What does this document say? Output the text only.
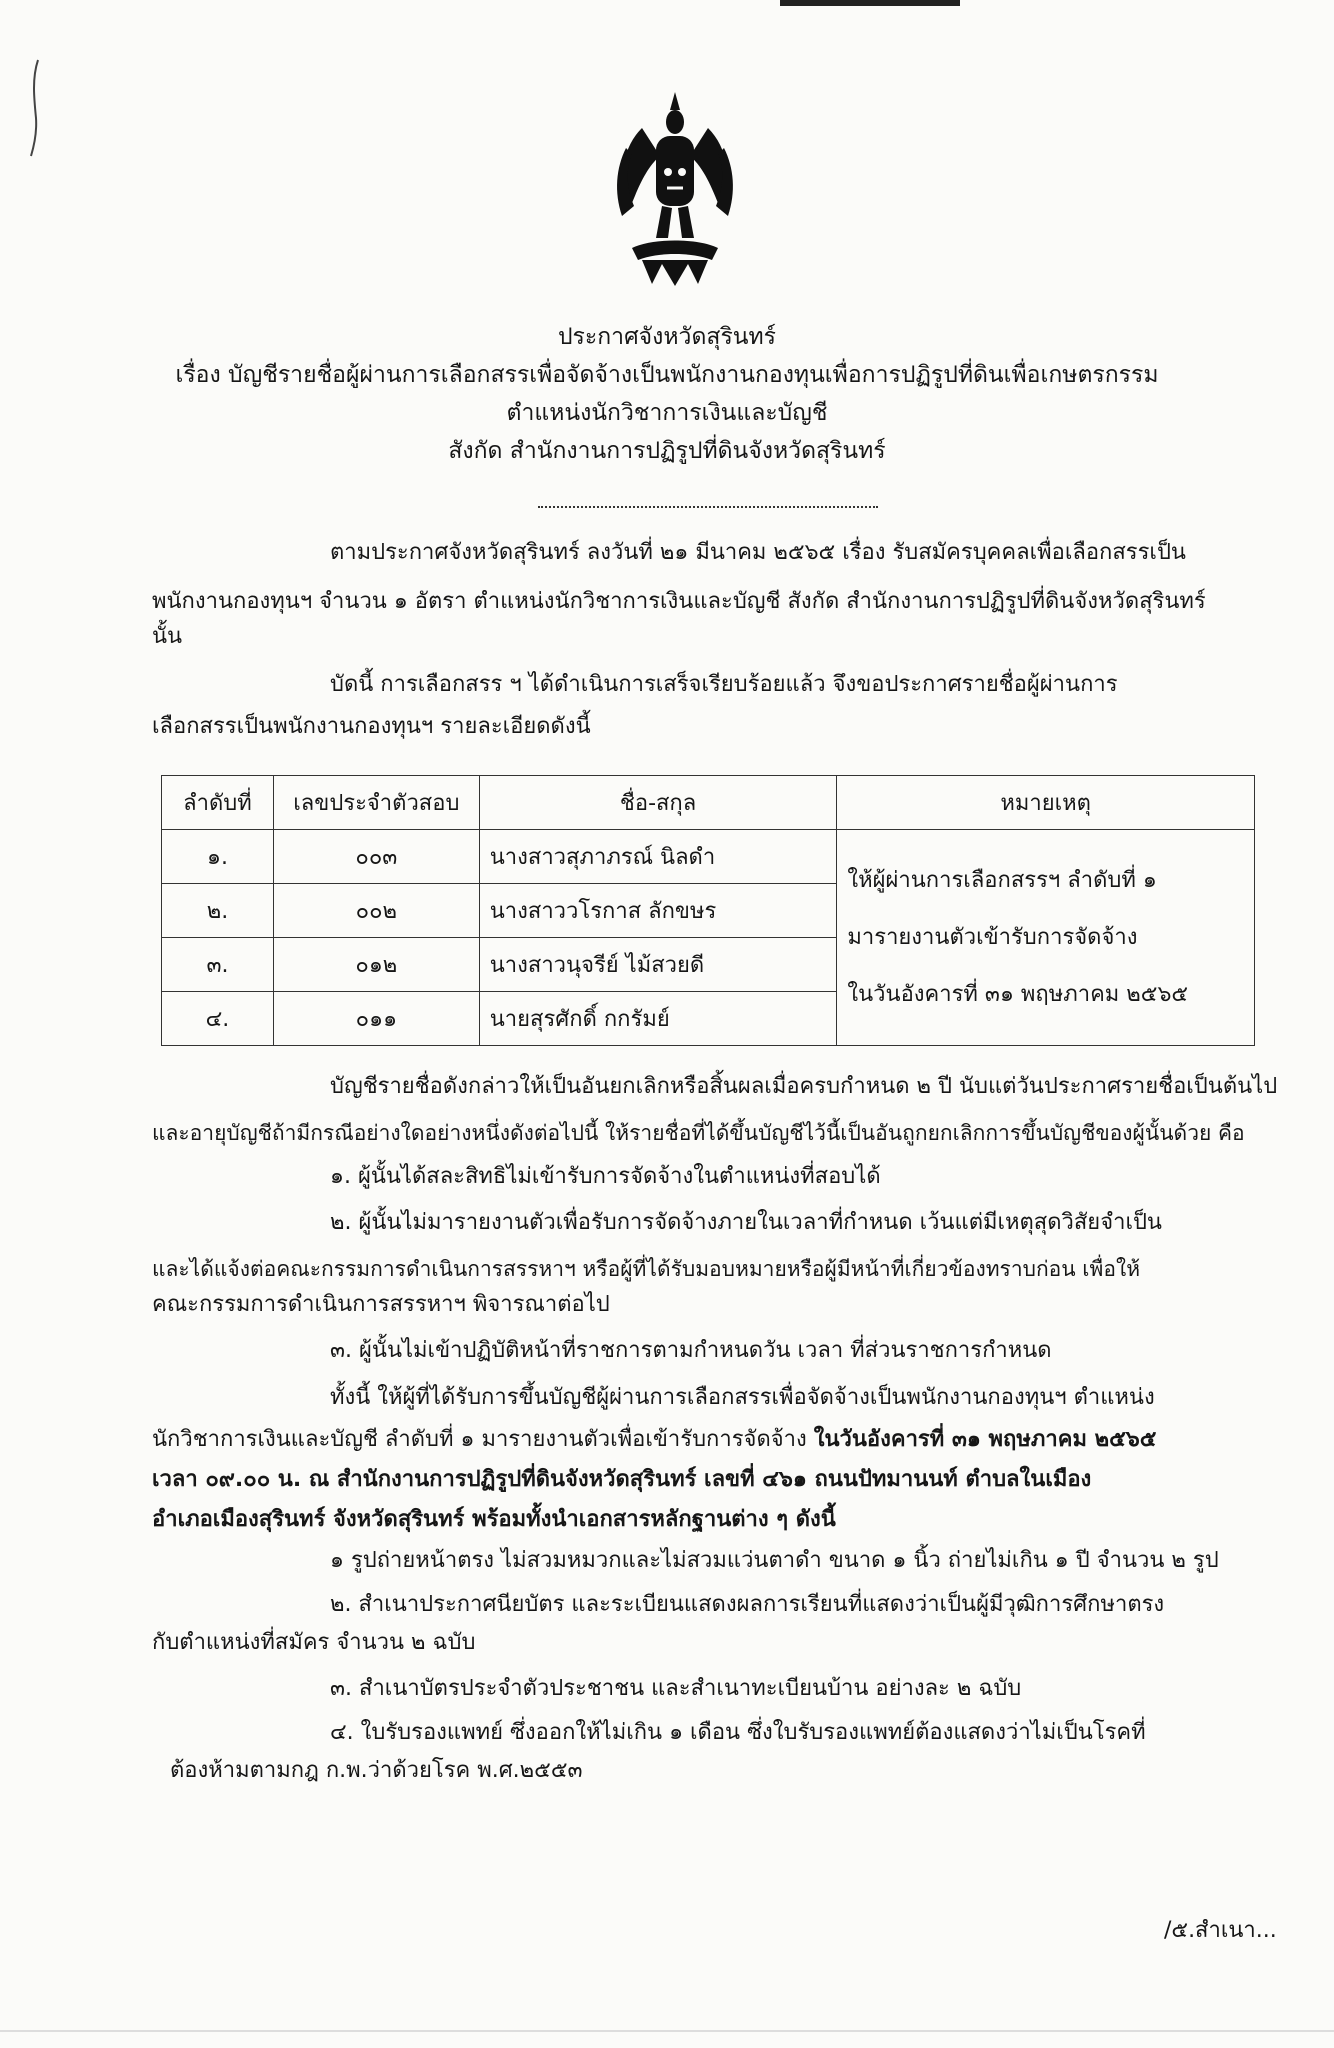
ประกาศจังหวัดสุรินทร์
เรื่อง บัญชีรายชื่อผู้ผ่านการเลือกสรรเพื่อจัดจ้างเป็นพนักงานกองทุนเพื่อการปฏิรูปที่ดินเพื่อเกษตรกรรม
ตำแหน่งนักวิชาการเงินและบัญชี
สังกัด สำนักงานการปฏิรูปที่ดินจังหวัดสุรินทร์
ตามประกาศจังหวัดสุรินทร์ ลงวันที่ ๒๑ มีนาคม ๒๕๖๕ เรื่อง รับสมัครบุคคลเพื่อเลือกสรรเป็น
พนักงานกองทุนฯ จำนวน ๑ อัตรา ตำแหน่งนักวิชาการเงินและบัญชี สังกัด สำนักงานการปฏิรูปที่ดินจังหวัดสุรินทร์
นั้น
บัดนี้ การเลือกสรร ฯ ได้ดำเนินการเสร็จเรียบร้อยแล้ว จึงขอประกาศรายชื่อผู้ผ่านการ
เลือกสรรเป็นพนักงานกองทุนฯ รายละเอียดดังนี้
ลำดับที่	เลขประจำตัวสอบ	ชื่อ-สกุล	หมายเหตุ
๑.	๐๐๓	นางสาวสุภาภรณ์ นิลดำ	ให้ผู้ผ่านการเลือกสรรฯ ลำดับที่ ๑
มารายงานตัวเข้ารับการจัดจ้าง
ในวันอังคารที่ ๓๑ พฤษภาคม ๒๕๖๕

๒.	๐๐๒	นางสาววโรกาส ลักขษร	
๓.	๐๑๒	นางสาวนุจรีย์ ไม้สวยดี	
๔.	๐๑๑	นายสุรศักดิ์ กกรัมย์	
บัญชีรายชื่อดังกล่าวให้เป็นอันยกเลิกหรือสิ้นผลเมื่อครบกำหนด ๒ ปี นับแต่วันประกาศรายชื่อเป็นต้นไป
และอายุบัญชีถ้ามีกรณีอย่างใดอย่างหนึ่งดังต่อไปนี้ ให้รายชื่อที่ได้ขึ้นบัญชีไว้นี้เป็นอันถูกยกเลิกการขึ้นบัญชีของผู้นั้นด้วย คือ
๑. ผู้นั้นได้สละสิทธิไม่เข้ารับการจัดจ้างในตำแหน่งที่สอบได้
๒. ผู้นั้นไม่มารายงานตัวเพื่อรับการจัดจ้างภายในเวลาที่กำหนด เว้นแต่มีเหตุสุดวิสัยจำเป็น
และได้แจ้งต่อคณะกรรมการดำเนินการสรรหาฯ หรือผู้ที่ได้รับมอบหมายหรือผู้มีหน้าที่เกี่ยวข้องทราบก่อน เพื่อให้
คณะกรรมการดำเนินการสรรหาฯ พิจารณาต่อไป
๓. ผู้นั้นไม่เข้าปฏิบัติหน้าที่ราชการตามกำหนดวัน เวลา ที่ส่วนราชการกำหนด
ทั้งนี้ ให้ผู้ที่ได้รับการขึ้นบัญชีผู้ผ่านการเลือกสรรเพื่อจัดจ้างเป็นพนักงานกองทุนฯ ตำแหน่ง
นักวิชาการเงินและบัญชี ลำดับที่ ๑ มารายงานตัวเพื่อเข้ารับการจัดจ้าง ในวันอังคารที่ ๓๑ พฤษภาคม ๒๕๖๕
เวลา ๐๙.๐๐ น. ณ สำนักงานการปฏิรูปที่ดินจังหวัดสุรินทร์ เลขที่ ๔๖๑ ถนนปัทมานนท์ ตำบลในเมือง
อำเภอเมืองสุรินทร์ จังหวัดสุรินทร์ พร้อมทั้งนำเอกสารหลักฐานต่าง ๆ ดังนี้
๑ รูปถ่ายหน้าตรง ไม่สวมหมวกและไม่สวมแว่นตาดำ ขนาด ๑ นิ้ว ถ่ายไม่เกิน ๑ ปี จำนวน ๒ รูป
๒. สำเนาประกาศนียบัตร และระเบียนแสดงผลการเรียนที่แสดงว่าเป็นผู้มีวุฒิการศึกษาตรง
กับตำแหน่งที่สมัคร จำนวน ๒ ฉบับ
๓. สำเนาบัตรประจำตัวประชาชน และสำเนาทะเบียนบ้าน อย่างละ ๒ ฉบับ
๔. ใบรับรองแพทย์ ซึ่งออกให้ไม่เกิน ๑ เดือน ซึ่งใบรับรองแพทย์ต้องแสดงว่าไม่เป็นโรคที่
ต้องห้ามตามกฎ ก.พ.ว่าด้วยโรค พ.ศ.๒๕๕๓
/๕.สำเนา...
